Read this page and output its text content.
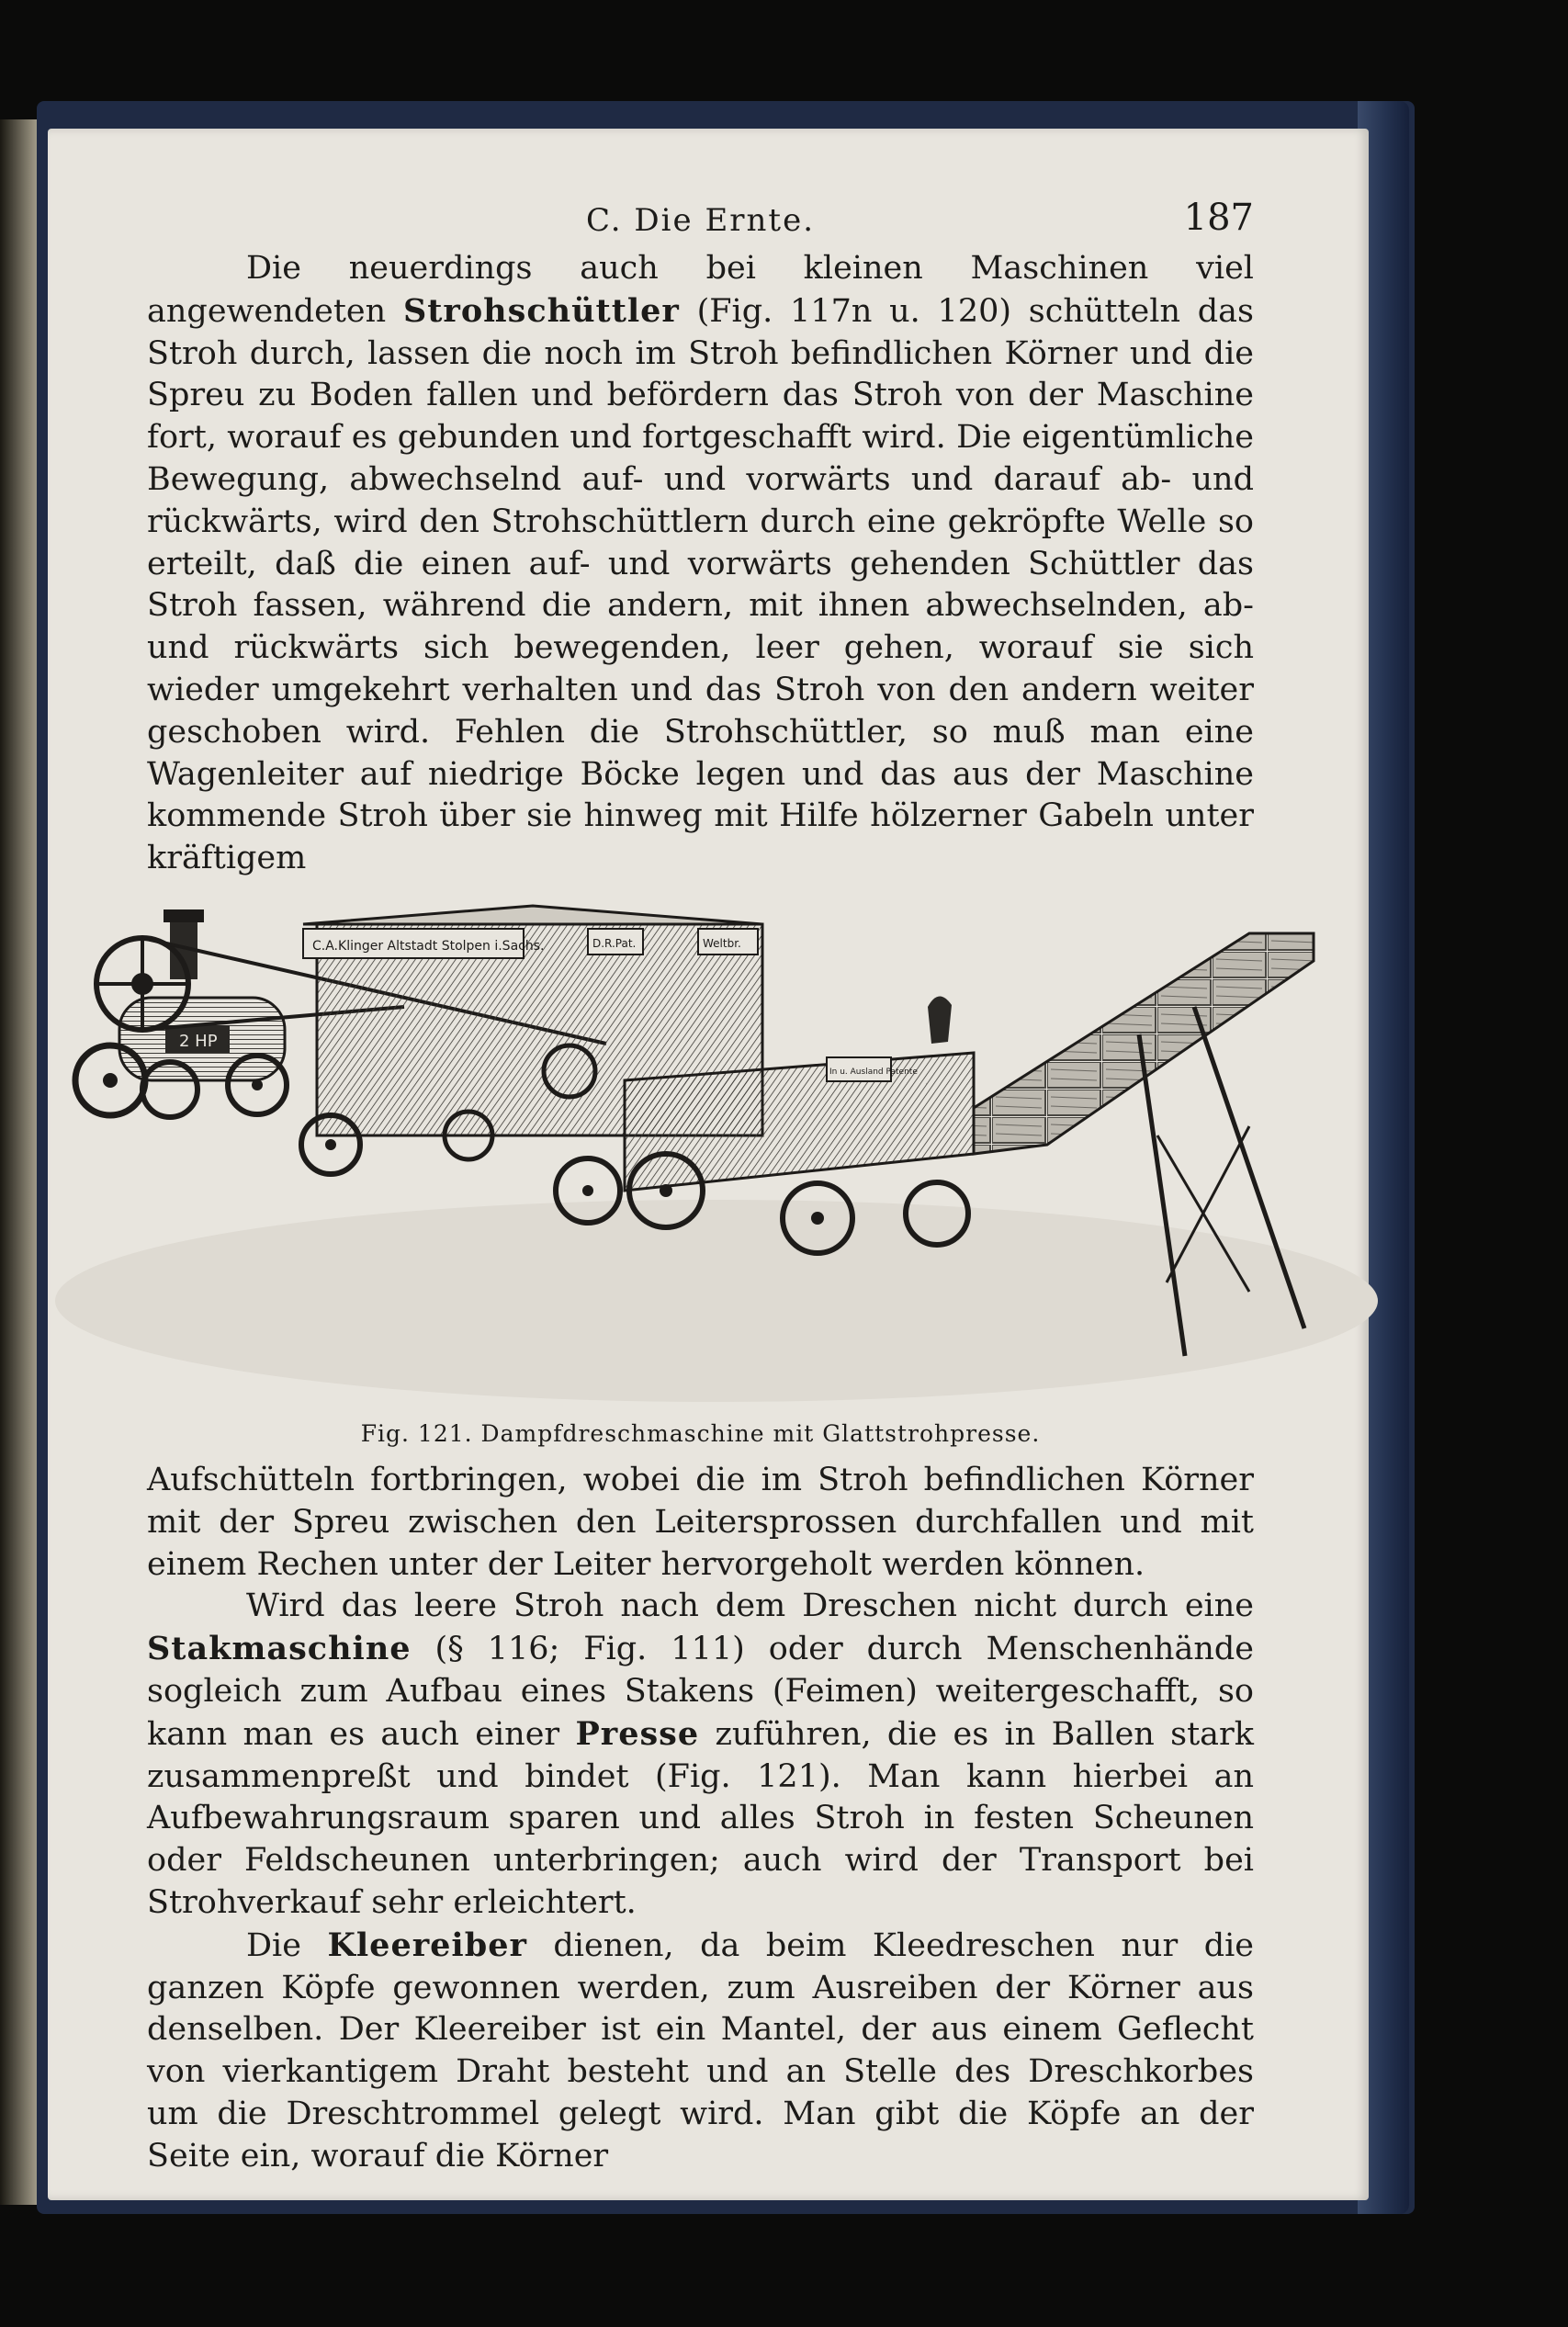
C. Die Ernte.	187

Die neuerdings auch bei kleinen Maschinen viel angewendeten Strohschüttler (Fig. 117n u. 120) schütteln das Stroh durch, lassen die noch im Stroh befindlichen Körner und die Spreu zu Boden fallen und befördern das Stroh von der Maschine fort, worauf es gebunden und fortgeschafft wird. Die eigentümliche Bewegung, abwechselnd auf- und vorwärts und darauf ab- und rückwärts, wird den Strohschüttlern durch eine gekröpfte Welle so erteilt, daß die einen auf- und vorwärts gehenden Schüttler das Stroh fassen, während die andern, mit ihnen abwechselnden, ab- und rückwärts sich bewegenden, leer gehen, worauf sie sich wieder umgekehrt verhalten und das Stroh von den andern weiter geschoben wird. Fehlen die Strohschüttler, so muß man eine Wagenleiter auf niedrige Böcke legen und das aus der Maschine kommende Stroh über sie hinweg mit Hilfe hölzerner Gabeln unter kräftigem

2 HP
C.A.Klinger Altstadt Stolpen i.Sachs.	D.R.Pat.	Weltbr.
In u. Ausland Patente

Fig. 121. Dampfdreschmaschine mit Glattstrohpresse.

Aufschütteln fortbringen, wobei die im Stroh befindlichen Körner mit der Spreu zwischen den Leitersprossen durchfallen und mit einem Rechen unter der Leiter hervorgeholt werden können.

Wird das leere Stroh nach dem Dreschen nicht durch eine Stakmaschine (§ 116; Fig. 111) oder durch Menschenhände sogleich zum Aufbau eines Stakens (Feimen) weitergeschafft, so kann man es auch einer Presse zuführen, die es in Ballen stark zusammenpreßt und bindet (Fig. 121). Man kann hierbei an Aufbewahrungsraum sparen und alles Stroh in festen Scheunen oder Feldscheunen unterbringen; auch wird der Transport bei Strohverkauf sehr erleichtert.

Die Kleereiber dienen, da beim Kleedreschen nur die ganzen Köpfe gewonnen werden, zum Ausreiben der Körner aus denselben. Der Kleereiber ist ein Mantel, der aus einem Geflecht von vierkantigem Draht besteht und an Stelle des Dreschkorbes um die Dreschtrommel gelegt wird. Man gibt die Köpfe an der Seite ein, worauf die Körner
